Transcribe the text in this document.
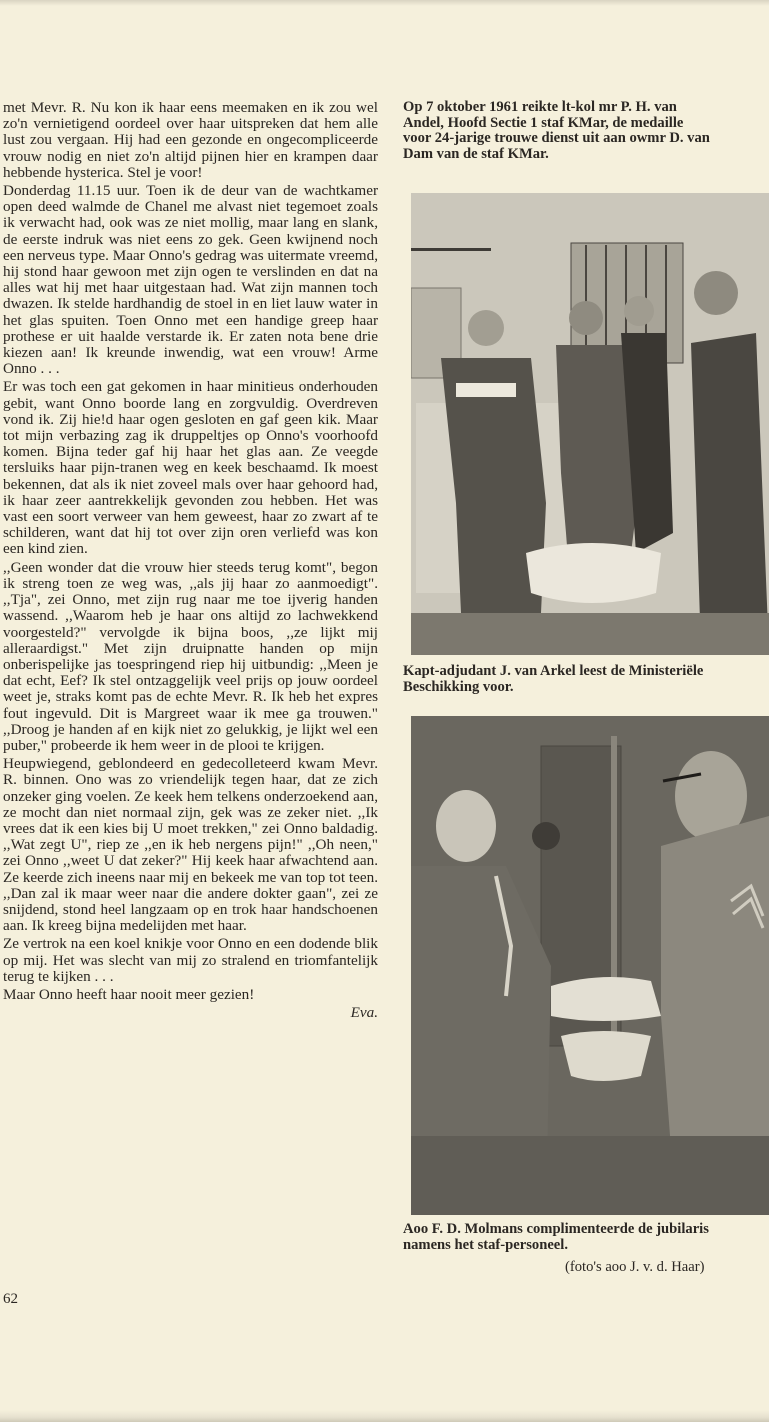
met Mevr. R. Nu kon ik haar eens meemaken en ik zou wel zo'n vernietigend oordeel over haar uitspreken dat hem alle lust zou vergaan. Hij had een gezonde en ongecompliceerde vrouw nodig en niet zo'n altijd pijnen hier en krampen daar hebbende hysterica. Stel je voor!

Donderdag 11.15 uur. Toen ik de deur van de wachtkamer open deed walmde de Chanel me alvast niet tegemoet zoals ik verwacht had, ook was ze niet mollig, maar lang en slank, de eerste indruk was niet eens zo gek. Geen kwijnend noch een nerveus type. Maar Onno's gedrag was uitermate vreemd, hij stond haar gewoon met zijn ogen te verslinden en dat na alles wat hij met haar uitgestaan had. Wat zijn mannen toch dwazen. Ik stelde hardhandig de stoel in en liet lauw water in het glas spuiten. Toen Onno met een handige greep haar prothese er uit haalde verstarde ik. Er zaten nota bene drie kiezen aan! Ik kreunde inwendig, wat een vrouw! Arme Onno . . .

Er was toch een gat gekomen in haar minitieus onderhouden gebit, want Onno boorde lang en zorgvuldig. Overdreven vond ik. Zij hie!d haar ogen gesloten en gaf geen kik. Maar tot mijn verbazing zag ik druppeltjes op Onno's voorhoofd komen. Bijna teder gaf hij haar het glas aan. Ze veegde tersluiks haar pijn-tranen weg en keek beschaamd. Ik moest bekennen, dat als ik niet zoveel mals over haar gehoord had, ik haar zeer aantrekkelijk gevonden zou hebben. Het was vast een soort verweer van hem geweest, haar zo zwart af te schilderen, want dat hij tot over zijn oren verliefd was kon een kind zien.

,,Geen wonder dat die vrouw hier steeds terug komt", begon ik streng toen ze weg was, ,,als jij haar zo aanmoedigt". ,,Tja", zei Onno, met zijn rug naar me toe ijverig handen wassend. ,,Waarom heb je haar ons altijd zo lachwekkend voorgesteld?" vervolgde ik bijna boos, ,,ze lijkt mij alleraardigst." Met zijn druipnatte handen op mijn onberispelijke jas toespringend riep hij uitbundig: ,,Meen je dat echt, Eef? Ik stel ontzaggelijk veel prijs op jouw oordeel weet je, straks komt pas de echte Mevr. R. Ik heb het expres fout ingevuld. Dit is Margreet waar ik mee ga trouwen." ,,Droog je handen af en kijk niet zo gelukkig, je lijkt wel een puber," probeerde ik hem weer in de plooi te krijgen.

Heupwiegend, geblondeerd en gedecolleteerd kwam Mevr. R. binnen. Ono was zo vriendelijk tegen haar, dat ze zich onzeker ging voelen. Ze keek hem telkens onderzoekend aan, ze mocht dan niet normaal zijn, gek was ze zeker niet. ,,Ik vrees dat ik een kies bij U moet trekken," zei Onno baldadig. ,,Wat zegt U", riep ze ,,en ik heb nergens pijn!" ,,Oh neen," zei Onno ,,weet U dat zeker?" Hij keek haar afwachtend aan. Ze keerde zich ineens naar mij en bekeek me van top tot teen. ,,Dan zal ik maar weer naar die andere dokter gaan", zei ze snijdend, stond heel langzaam op en trok haar handschoenen aan. Ik kreeg bijna medelijden met haar.

Ze vertrok na een koel knikje voor Onno en een dodende blik op mij. Het was slecht van mij zo stralend en triomfantelijk terug te kijken . . .

Maar Onno heeft haar nooit meer gezien!

Eva.
62
Op 7 oktober 1961 reikte lt-kol mr P. H. van
Andel, Hoofd Sectie 1 staf KMar, de medaille
voor 24-jarige trouwe dienst uit aan owmr D. van
Dam van de staf KMar.
Kapt-adjudant J. van Arkel leest de Ministeriële
Beschikking voor.
Aoo F. D. Molmans complimenteerde de jubilaris
namens het staf-personeel.
(foto's aoo J. v. d. Haar)
